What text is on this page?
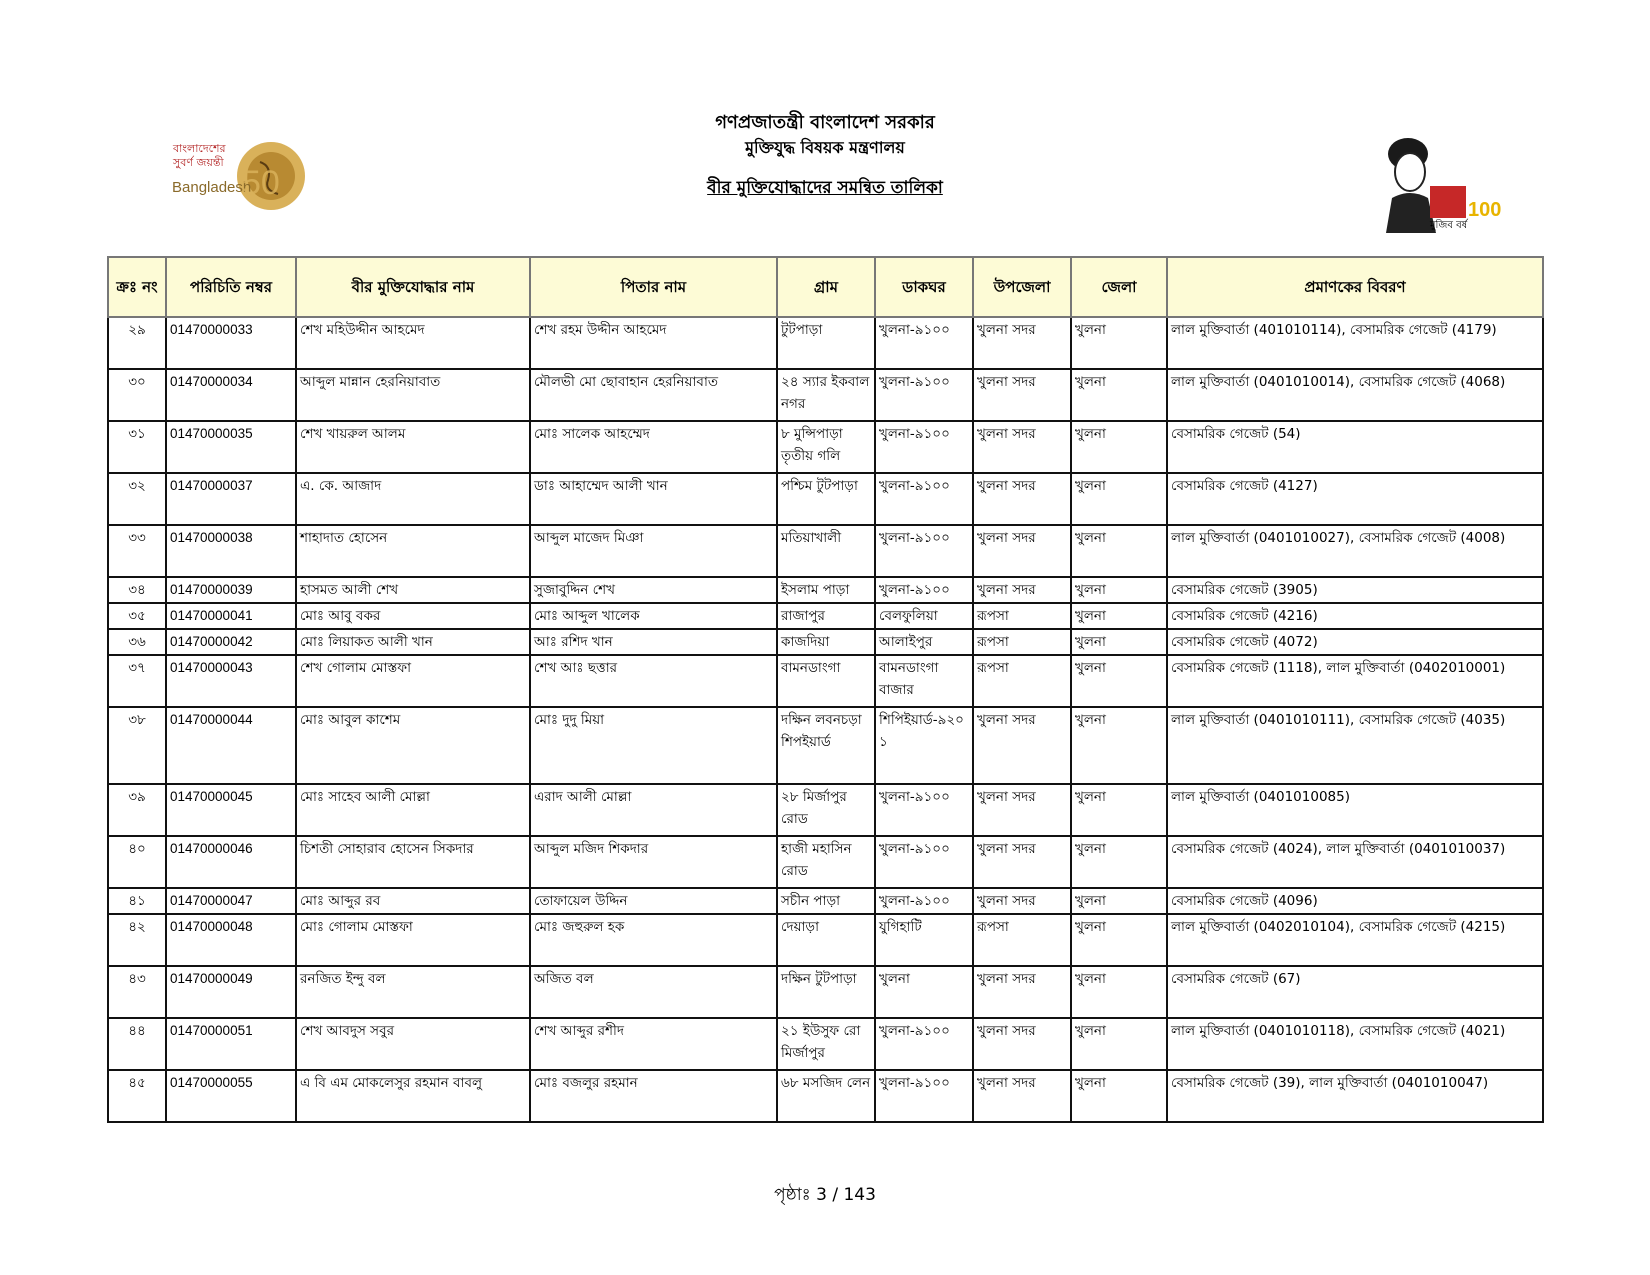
গণপ্রজাতন্ত্রী বাংলাদেশ সরকার
মুক্তিযুদ্ধ বিষয়ক মন্ত্রণালয়
বীর মুক্তিযোদ্ধাদের সমন্বিত তালিকা
বাংলাদেশের
সুবর্ণ জয়ন্তী
Bangladesh
50
মুজিব বর্ষ
100
ক্রঃ নং	পরিচিতি নম্বর	বীর মুক্তিযোদ্ধার নাম	পিতার নাম	গ্রাম	ডাকঘর	উপজেলা	জেলা	প্রমাণকের বিবরণ
২৯	01470000033	শেখ মহিউদ্দীন আহমেদ	শেখ রহম উদ্দীন আহমেদ	টুটপাড়া	খুলনা-৯১০০	খুলনা সদর	খুলনা	লাল মুক্তিবার্তা (401010114), বেসামরিক গেজেট (4179)
৩০	01470000034	আব্দুল মান্নান হেরনিয়াবাত	মৌলভী মো ছোবাহান হেরনিয়াবাত	২৪ স্যার ইকবাল নগর	খুলনা-৯১০০	খুলনা সদর	খুলনা	লাল মুক্তিবার্তা (0401010014), বেসামরিক গেজেট (4068)
৩১	01470000035	শেখ খায়রুল আলম	মোঃ সালেক আহম্মেদ	৮ মুন্সিপাড়া তৃতীয় গলি	খুলনা-৯১০০	খুলনা সদর	খুলনা	বেসামরিক গেজেট (54)
৩২	01470000037	এ. কে. আজাদ	ডাঃ আহাম্মেদ আলী খান	পশ্চিম টুটপাড়া	খুলনা-৯১০০	খুলনা সদর	খুলনা	বেসামরিক গেজেট (4127)
৩৩	01470000038	শাহাদাত হোসেন	আব্দুল মাজেদ মিঞা	মতিয়াখালী	খুলনা-৯১০০	খুলনা সদর	খুলনা	লাল মুক্তিবার্তা (0401010027), বেসামরিক গেজেট (4008)
৩৪	01470000039	হাসমত আলী শেখ	সুজাবুদ্দিন শেখ	ইসলাম পাড়া	খুলনা-৯১০০	খুলনা সদর	খুলনা	বেসামরিক গেজেট (3905)
৩৫	01470000041	মোঃ আবু বকর	মোঃ আব্দুল খালেক	রাজাপুর	বেলফুলিয়া	রূপসা	খুলনা	বেসামরিক গেজেট (4216)
৩৬	01470000042	মোঃ লিয়াকত আলী খান	আঃ রশিদ খান	কাজদিয়া	আলাইপুর	রূপসা	খুলনা	বেসামরিক গেজেট (4072)
৩৭	01470000043	শেখ গোলাম মোস্তফা	শেখ আঃ ছত্তার	বামনডাংগা	বামনডাংগা বাজার	রূপসা	খুলনা	বেসামরিক গেজেট (1118), লাল মুক্তিবার্তা (0402010001)
৩৮	01470000044	মোঃ আবুল কাশেম	মোঃ দুদু মিয়া	দক্ষিন লবনচড়া শিপইয়ার্ড	শিপিইয়ার্ড-৯২০১	খুলনা সদর	খুলনা	লাল মুক্তিবার্তা (0401010111), বেসামরিক গেজেট (4035)
৩৯	01470000045	মোঃ সাহেব আলী মোল্লা	এরাদ আলী মোল্লা	২৮ মির্জাপুর রোড	খুলনা-৯১০০	খুলনা সদর	খুলনা	লাল মুক্তিবার্তা (0401010085)
৪০	01470000046	চিশতী সোহারাব হোসেন সিকদার	আব্দুল মজিদ শিকদার	হাজী মহাসিন রোড	খুলনা-৯১০০	খুলনা সদর	খুলনা	বেসামরিক গেজেট (4024), লাল মুক্তিবার্তা (0401010037)
৪১	01470000047	মোঃ আব্দুর রব	তোফায়েল উদ্দিন	সচীন পাড়া	খুলনা-৯১০০	খুলনা সদর	খুলনা	বেসামরিক গেজেট (4096)
৪২	01470000048	মোঃ গোলাম মোস্তফা	মোঃ জহুরুল হক	দেয়াড়া	যুগিহাটি	রূপসা	খুলনা	লাল মুক্তিবার্তা (0402010104), বেসামরিক গেজেট (4215)
৪৩	01470000049	রনজিত ইন্দু বল	অজিত বল	দক্ষিন টুটপাড়া	খুলনা	খুলনা সদর	খুলনা	বেসামরিক গেজেট (67)
৪৪	01470000051	শেখ আবদুস সবুর	শেখ আব্দুর রশীদ	২১ ইউসুফ রো মির্জাপুর	খুলনা-৯১০০	খুলনা সদর	খুলনা	লাল মুক্তিবার্তা (0401010118), বেসামরিক গেজেট (4021)
৪৫	01470000055	এ বি এম মোকলেসুর রহমান বাবলু	মোঃ বজলুর রহমান	৬৮ মসজিদ লেন	খুলনা-৯১০০	খুলনা সদর	খুলনা	বেসামরিক গেজেট (39), লাল মুক্তিবার্তা (0401010047)
পৃষ্ঠাঃ 3 / 143
